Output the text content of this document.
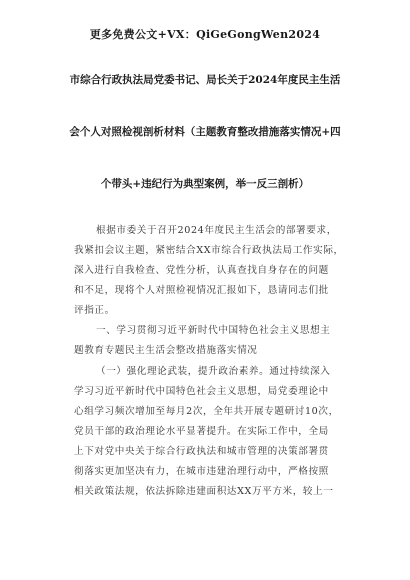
更多免费公文+VX：QiGeGongWen2024
市综合行政执法局党委书记、局长关于2024年度民主生活
会个人对照检视剖析材料（主题教育整改措施落实情况+四
个带头+违纪行为典型案例，举一反三剖析）
根据市委关于召开2024年度民主生活会的部署要求，
我紧扣会议主题，紧密结合XX市综合行政执法局工作实际，
深入进行自我检查、党性分析，认真查找自身存在的问题
和不足，现将个人对照检视情况汇报如下，恳请同志们批
评指正。
一、学习贯彻习近平新时代中国特色社会主义思想主
题教育专题民主生活会整改措施落实情况
（一）强化理论武装，提升政治素养。通过持续深入
学习习近平新时代中国特色社会主义思想，局党委理论中
心组学习频次增加至每月2次，全年共开展专题研讨10次，
党员干部的政治理论水平显著提升。在实际工作中，全局
上下对党中央关于综合行政执法和城市管理的决策部署贯
彻落实更加坚决有力，在城市违建治理行动中，严格按照
相关政策法规，依法拆除违建面积达XX万平方米，较上一
